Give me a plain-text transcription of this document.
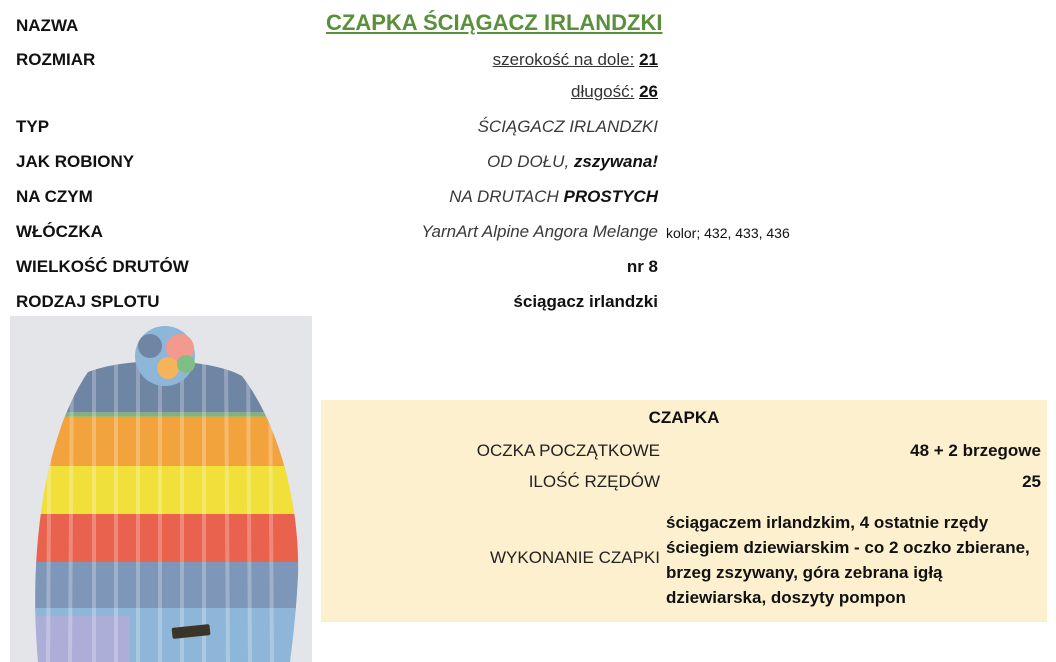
NAZWA
ROZMIAR
TYP
JAK ROBIONY
NA CZYM
WŁÓCZKA
WIELKOŚĆ DRUTÓW
RODZAJ SPLOTU
CZAPKA ŚCIĄGACZ IRLANDZKI
szerokość na dole: 21
długość: 26
ŚCIĄGACZ IRLANDZKI
OD DOŁU, zszywana!
NA DRUTACH PROSTYCH
YarnArt Alpine Angora Melange kolor; 432, 433, 436
nr 8
ściągacz irlandzki
CZAPKA
OCZKA POCZĄTKOWE	48 + 2 brzegowe
ILOŚĆ RZĘDÓW	25
WYKONANIE CZAPKI
ściągaczem irlandzkim, 4 ostatnie rzędy
ściegiem dziewiarskim - co 2 oczko zbierane,
brzeg zszywany, góra zebrana igłą
dziewiarska, doszyty pompon
